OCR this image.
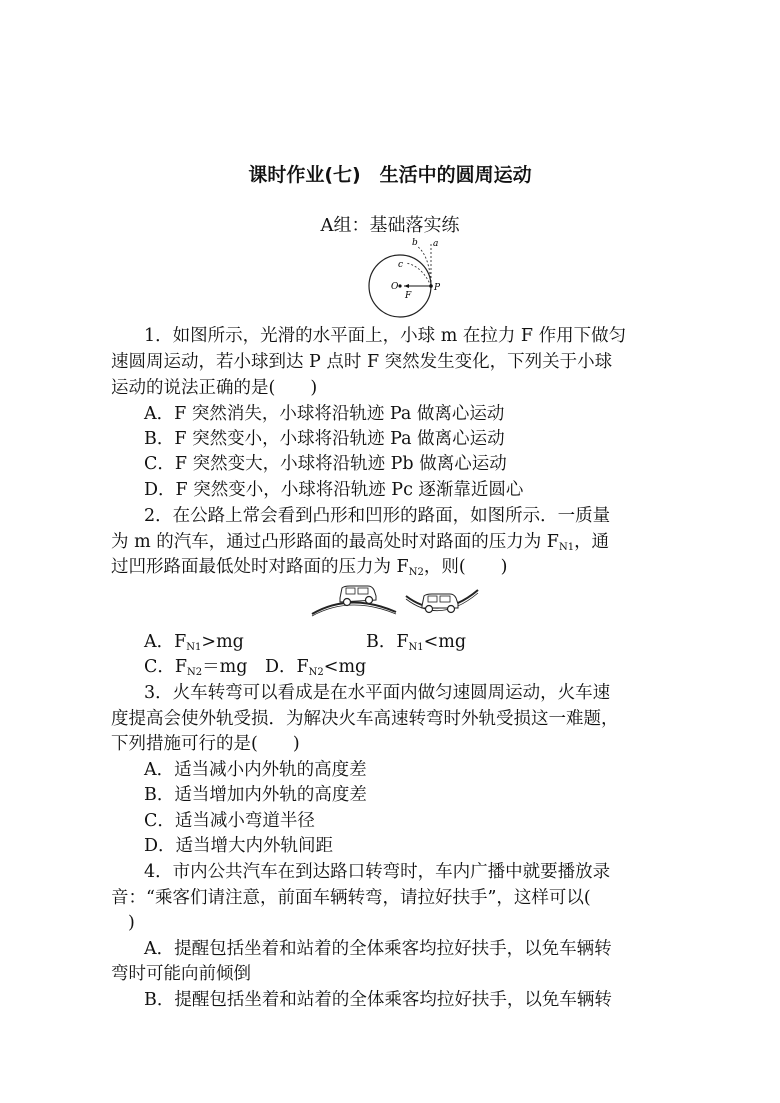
课时作业(七)　生活中的圆周运动
A组：基础落实练
a
b
c
O
F
P
1．如图所示，光滑的水平面上，小球 m 在拉力 F 作用下做匀
速圆周运动，若小球到达 P 点时 F 突然发生变化，下列关于小球
运动的说法正确的是(　　)
A．F 突然消失，小球将沿轨迹 Pa 做离心运动
B．F 突然变小，小球将沿轨迹 Pa 做离心运动
C．F 突然变大，小球将沿轨迹 Pb 做离心运动
D．F 突然变小，小球将沿轨迹 Pc 逐渐靠近圆心
2．在公路上常会看到凸形和凹形的路面，如图所示．一质量
为 m 的汽车，通过凸形路面的最高处时对路面的压力为 $F_{N1}$，通
过凹形路面最低处时对路面的压力为 $F_{N2}$，则(　　)
A．$F_{N1}>mg$	B．$F_{N1}<mg$
C．$F_{N2}=mg$　 D．$F_{N2}<mg$
3．火车转弯可以看成是在水平面内做匀速圆周运动，火车速
度提高会使外轨受损．为解决火车高速转弯时外轨受损这一难题，
下列措施可行的是(　　)
A．适当减小内外轨的高度差
B．适当增加内外轨的高度差
C．适当减小弯道半径
D．适当增大内外轨间距
4．市内公共汽车在到达路口转弯时，车内广播中就要播放录
音：“乘客们请注意，前面车辆转弯，请拉好扶手”，这样可以(
)
A．提醒包括坐着和站着的全体乘客均拉好扶手，以免车辆转
弯时可能向前倾倒
B．提醒包括坐着和站着的全体乘客均拉好扶手，以免车辆转
